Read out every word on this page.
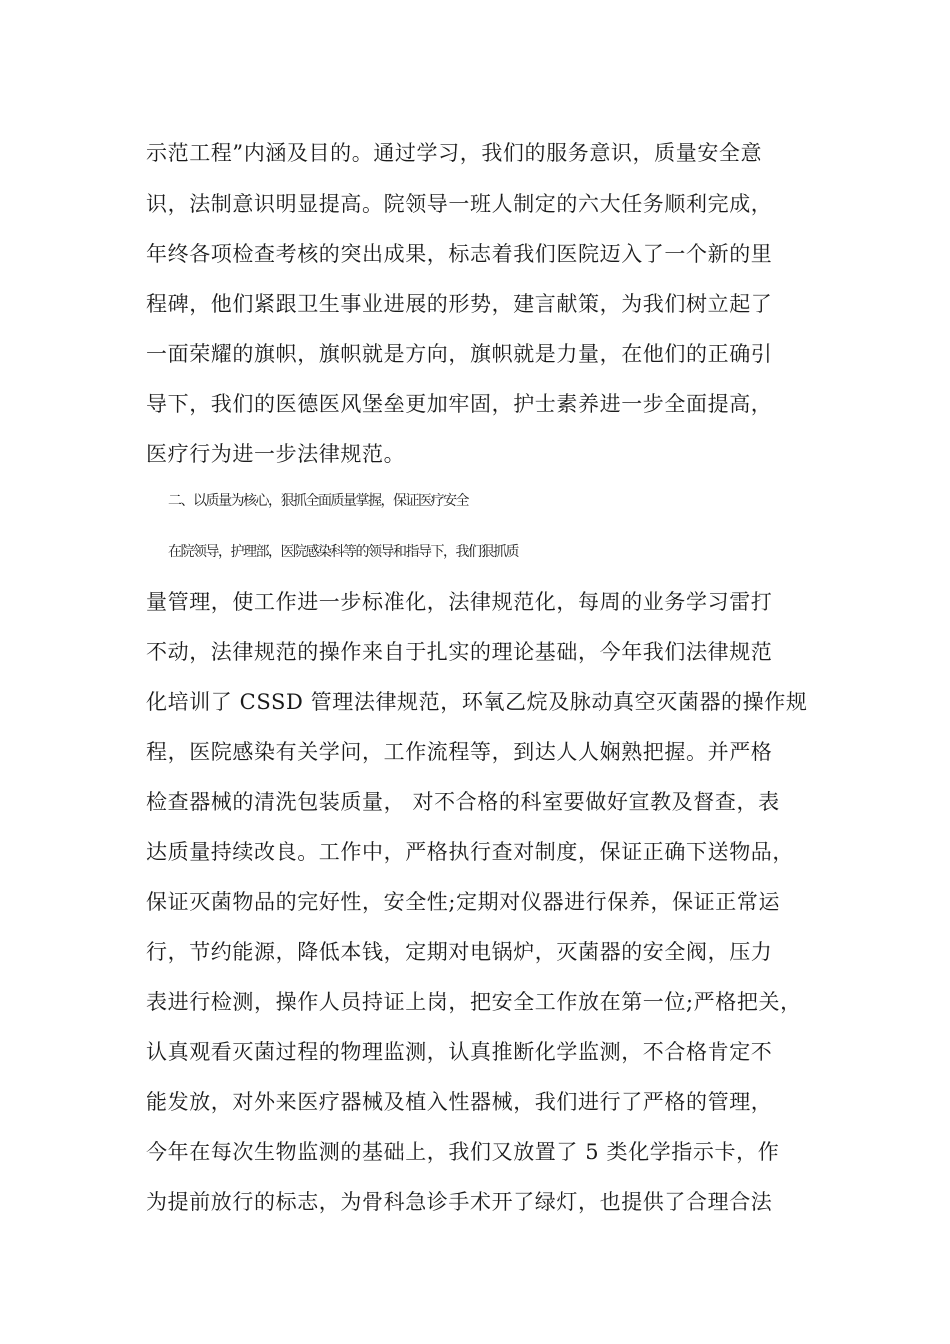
示范工程”内涵及目的。通过学习，我们的服务意识，质量安全意
识，法制意识明显提高。院领导一班人制定的六大任务顺利完成，
年终各项检查考核的突出成果，标志着我们医院迈入了一个新的里
程碑，他们紧跟卫生事业进展的形势，建言献策，为我们树立起了
一面荣耀的旗帜，旗帜就是方向，旗帜就是力量，在他们的正确引
导下，我们的医德医风堡垒更加牢固，护士素养进一步全面提高，
医疗行为进一步法律规范。
二、以质量为核心，狠抓全面质量掌握，保证医疗安全
在院领导，护理部，医院感染科等的领导和指导下，我们狠抓质
量管理，使工作进一步标准化，法律规范化，每周的业务学习雷打
不动，法律规范的操作来自于扎实的理论基础，今年我们法律规范
化培训了 CSSD 管理法律规范，环氧乙烷及脉动真空灭菌器的操作规
程，医院感染有关学问，工作流程等，到达人人娴熟把握。并严格
检查器械的清洗包装质量， 对不合格的科室要做好宣教及督查，表
达质量持续改良。工作中，严格执行查对制度，保证正确下送物品，
保证灭菌物品的完好性，安全性;定期对仪器进行保养，保证正常运
行，节约能源，降低本钱，定期对电锅炉，灭菌器的安全阀，压力
表进行检测，操作人员持证上岗，把安全工作放在第一位;严格把关，
认真观看灭菌过程的物理监测，认真推断化学监测，不合格肯定不
能发放，对外来医疗器械及植入性器械，我们进行了严格的管理，
今年在每次生物监测的基础上，我们又放置了 5 类化学指示卡，作
为提前放行的标志，为骨科急诊手术开了绿灯，也提供了合理合法
